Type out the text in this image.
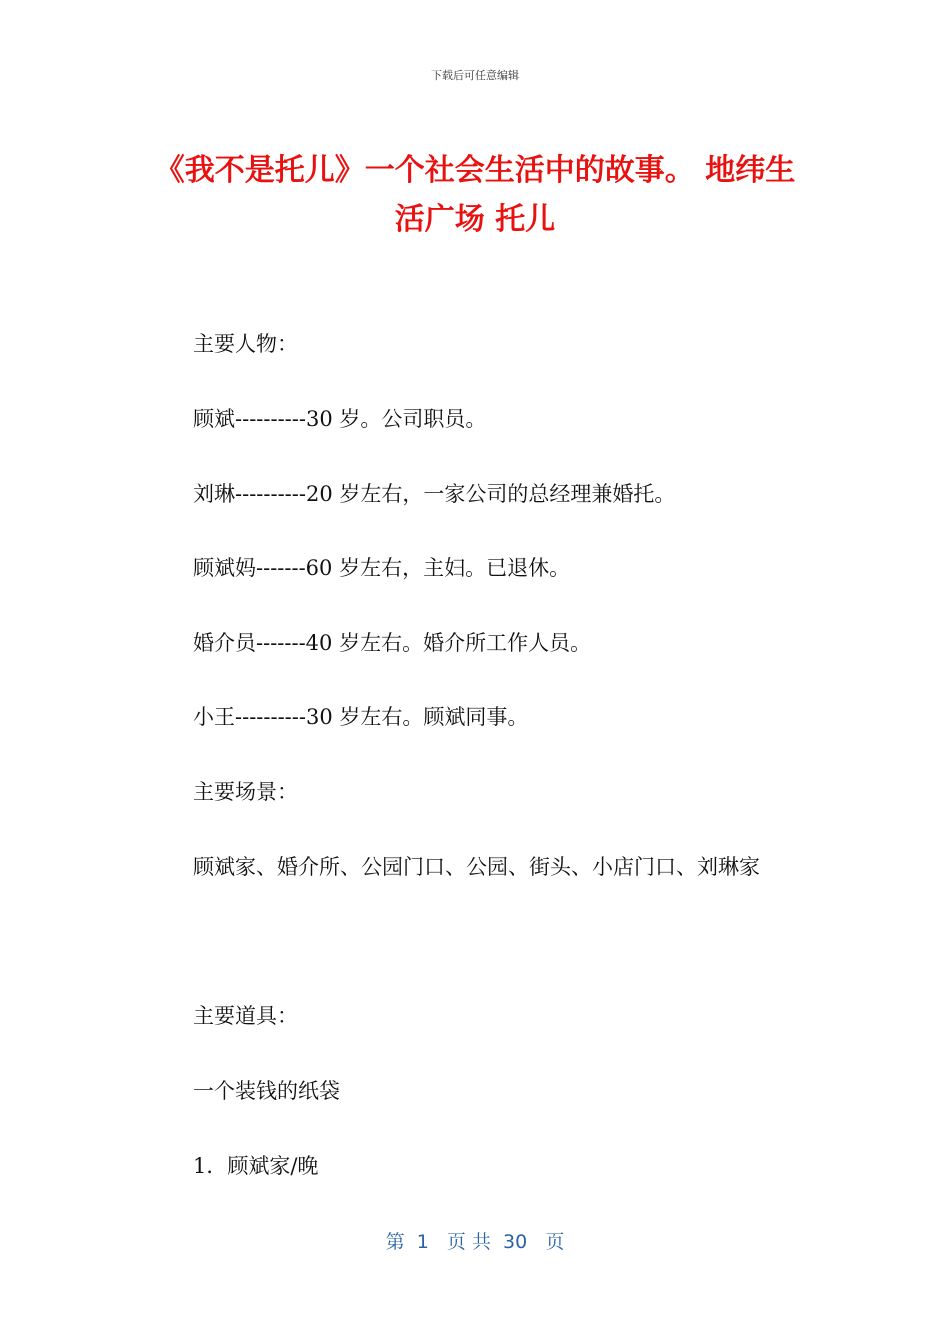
下载后可任意编辑
《我不是托儿》一个社会生活中的故事。 地纬生活广场 托儿
主要人物：
顾斌----------30 岁。公司职员。
刘琳----------20 岁左右，一家公司的总经理兼婚托。
顾斌妈-------60 岁左右，主妇。已退休。
婚介员-------40 岁左右。婚介所工作人员。
小王----------30 岁左右。顾斌同事。
主要场景：
顾斌家、婚介所、公园门口、公园、街头、小店门口、刘琳家
主要道具：
一个装钱的纸袋
1．顾斌家/晚
第  1   页 共  30   页
